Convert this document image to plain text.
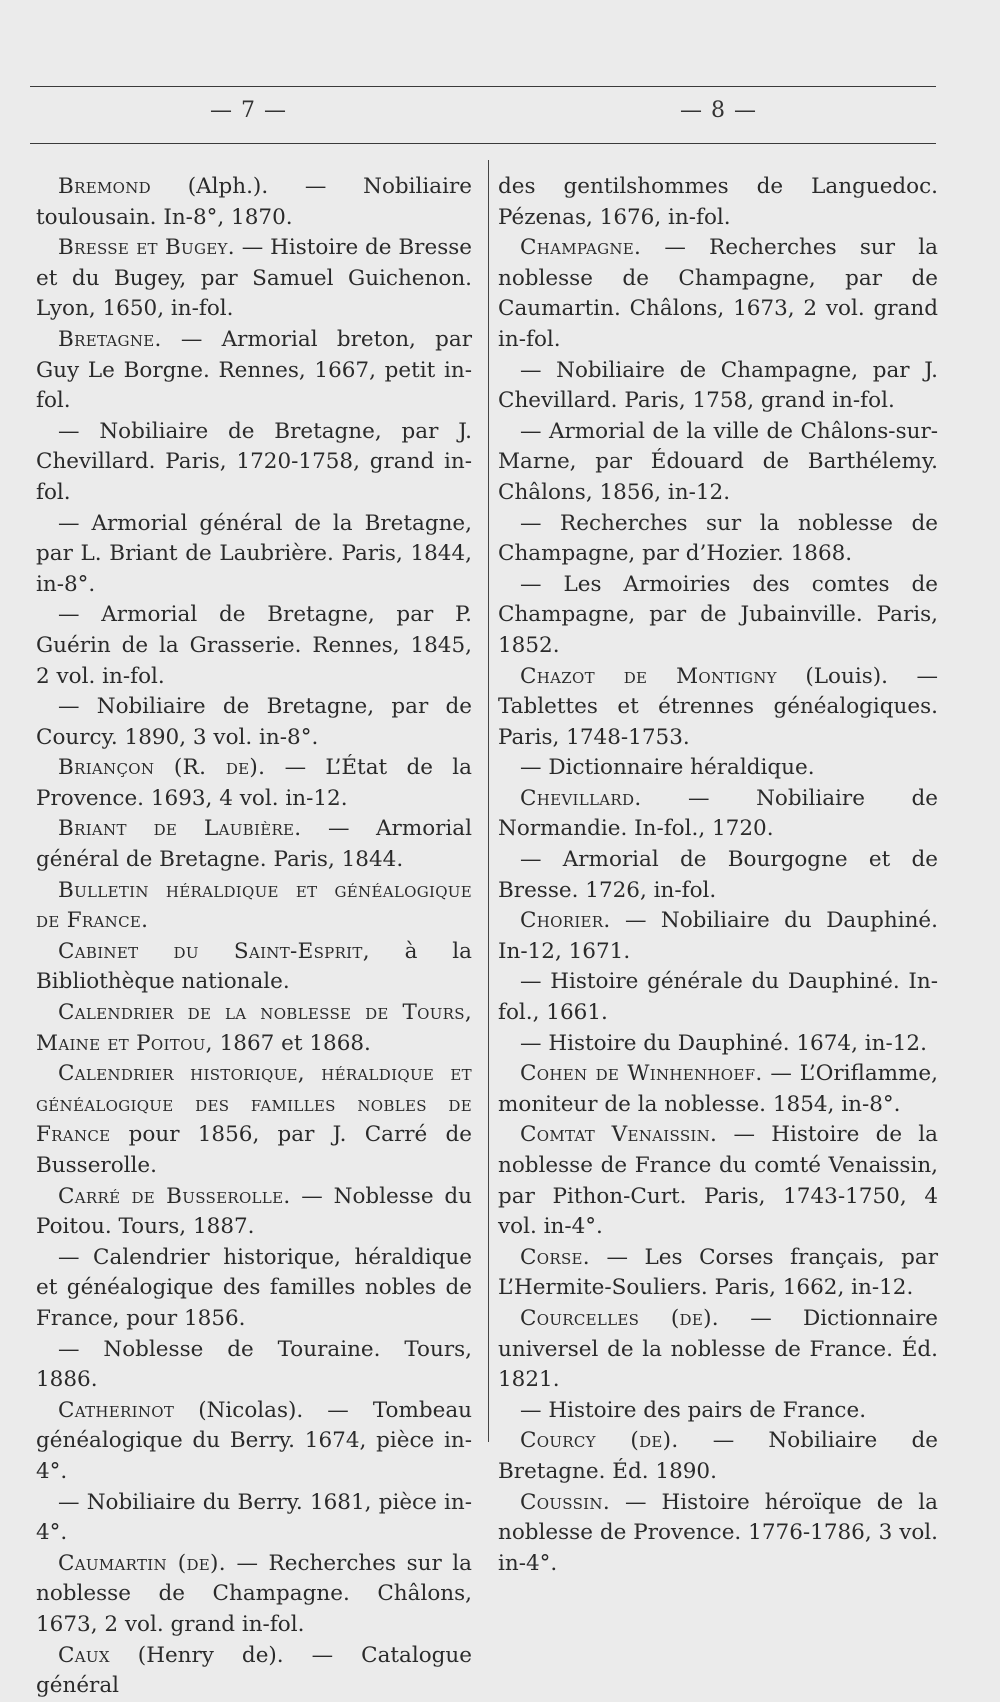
— 7 —	— 8 —

Bremond (Alph.). — Nobiliaire toulousain. In-8°, 1870.

Bresse et Bugey. — Histoire de Bresse et du Bugey, par Samuel Guichenon. Lyon, 1650, in-fol.

Bretagne. — Armorial breton, par Guy Le Borgne. Rennes, 1667, petit in-fol.

— Nobiliaire de Bretagne, par J. Chevillard. Paris, 1720-1758, grand in-fol.

— Armorial général de la Bretagne, par L. Briant de Laubrière. Paris, 1844, in-8°.

— Armorial de Bretagne, par P. Guérin de la Grasserie. Rennes, 1845, 2 vol. in-fol.

— Nobiliaire de Bretagne, par de Courcy. 1890, 3 vol. in-8°.

Briançon (R. de). — L’État de la Provence. 1693, 4 vol. in-12.

Briant de Laubière. — Armorial général de Bretagne. Paris, 1844.

Bulletin héraldique et généalogique de France.

Cabinet du Saint-Esprit, à la Bibliothèque nationale.

Calendrier de la noblesse de Tours, Maine et Poitou, 1867 et 1868.

Calendrier historique, héraldique et généalogique des familles nobles de France pour 1856, par J. Carré de Busserolle.

Carré de Busserolle. — Noblesse du Poitou. Tours, 1887.

— Calendrier historique, héraldique et généalogique des familles nobles de France, pour 1856.

— Noblesse de Touraine. Tours, 1886.

Catherinot (Nicolas). — Tombeau généalogique du Berry. 1674, pièce in-4°.

— Nobiliaire du Berry. 1681, pièce in-4°.

Caumartin (de). — Recherches sur la noblesse de Champagne. Châlons, 1673, 2 vol. grand in-fol.

Caux (Henry de). — Catalogue général

des gentilshommes de Languedoc. Pézenas, 1676, in-fol.

Champagne. — Recherches sur la noblesse de Champagne, par de Caumartin. Châlons, 1673, 2 vol. grand in-fol.

— Nobiliaire de Champagne, par J. Chevillard. Paris, 1758, grand in-fol.

— Armorial de la ville de Châlons-sur-Marne, par Édouard de Barthélemy. Châlons, 1856, in-12.

— Recherches sur la noblesse de Champagne, par d’Hozier. 1868.

— Les Armoiries des comtes de Champagne, par de Jubainville. Paris, 1852.

Chazot de Montigny (Louis). — Tablettes et étrennes généalogiques. Paris, 1748-1753.

— Dictionnaire héraldique.

Chevillard. — Nobiliaire de Normandie. In-fol., 1720.

— Armorial de Bourgogne et de Bresse. 1726, in-fol.

Chorier. — Nobiliaire du Dauphiné. In-12, 1671.

— Histoire générale du Dauphiné. In-fol., 1661.

— Histoire du Dauphiné. 1674, in-12.

Cohen de Winhenhoef. — L’Oriflamme, moniteur de la noblesse. 1854, in-8°.

Comtat Venaissin. — Histoire de la noblesse de France du comté Venaissin, par Pithon-Curt. Paris, 1743-1750, 4 vol. in-4°.

Corse. — Les Corses français, par L’Hermite-Souliers. Paris, 1662, in-12.

Courcelles (de). — Dictionnaire universel de la noblesse de France. Éd. 1821.

— Histoire des pairs de France.

Courcy (de). — Nobiliaire de Bretagne. Éd. 1890.

Coussin. — Histoire héroïque de la noblesse de Provence. 1776-1786, 3 vol. in-4°.
